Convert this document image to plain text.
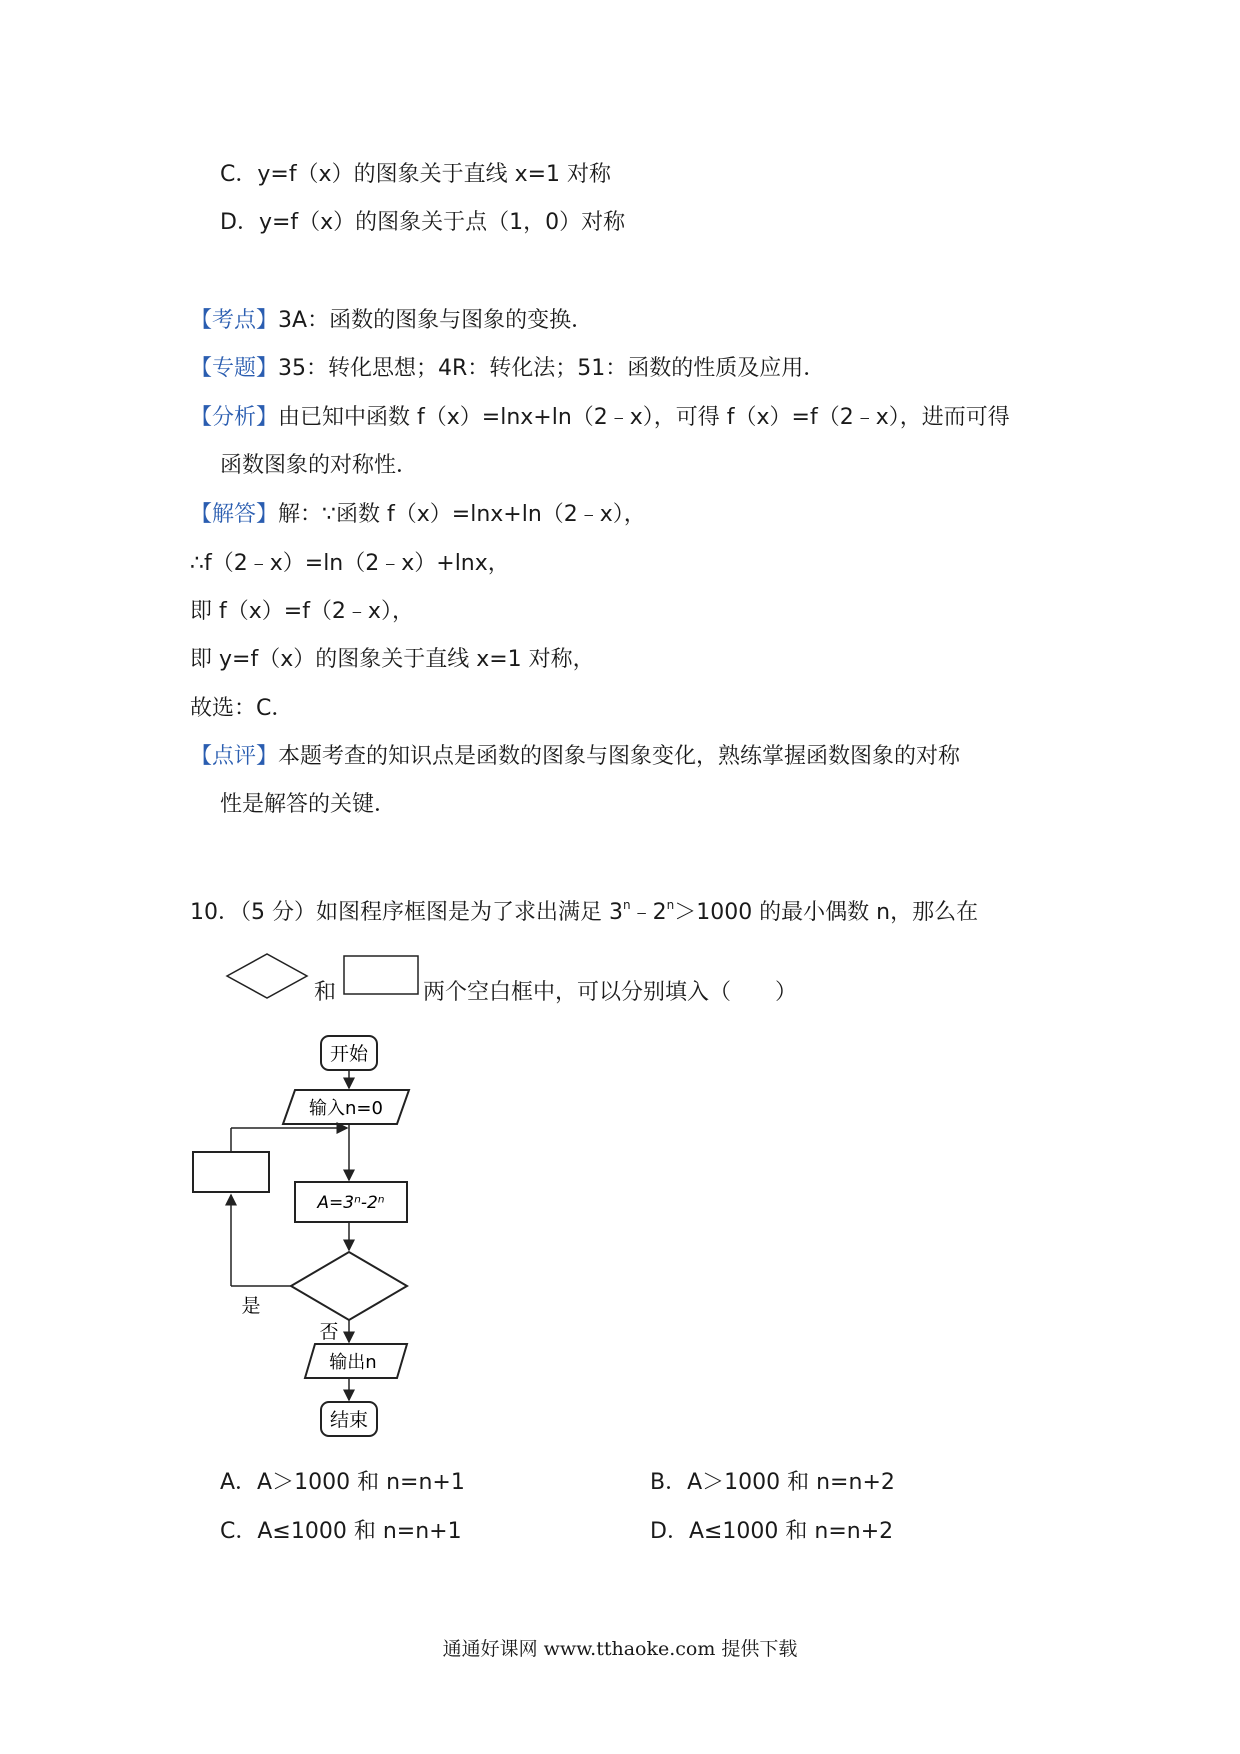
C．y=f（x）的图象关于直线 x=1 对称
D．y=f（x）的图象关于点（1，0）对称
【考点】3A：函数的图象与图象的变换．
【专题】35：转化思想；4R：转化法；51：函数的性质及应用．
【分析】由已知中函数 f（x）=lnx+ln（2﹣x），可得 f（x）=f（2﹣x），进而可得
函数图象的对称性．
【解答】解：∵函数 f（x）=lnx+ln（2﹣x），
∴f（2﹣x）=ln（2﹣x）+lnx，
即 f（x）=f（2﹣x），
即 y=f（x）的图象关于直线 x=1 对称，
故选：C．
【点评】本题考查的知识点是函数的图象与图象变化，熟练掌握函数图象的对称
性是解答的关键．
10．（5 分）如图程序框图是为了求出满足 $3^n﹣2^n>1000$ 的最小偶数 n，那么在
和	两个空白框中，可以分别填入（　　）
开始
输入n=0
A=3ⁿ-2ⁿ
是
否
输出n
结束
A．A＞1000 和 n=n+1	B．A＞1000 和 n=n+2
C．A≤1000 和 n=n+1	D．A≤1000 和 n=n+2
通通好课网 www.tthaoke.com 提供下载
